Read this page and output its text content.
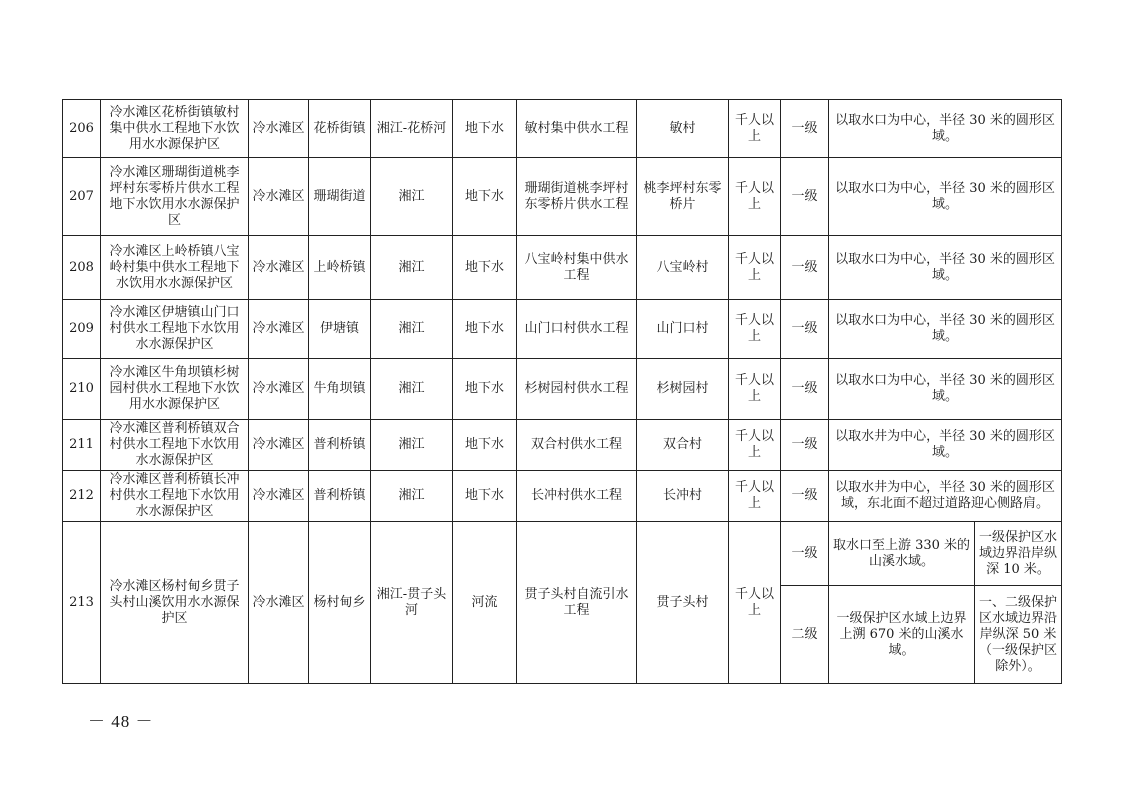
206	冷水滩区花桥街镇敏村集中供水工程地下水饮用水水源保护区	冷水滩区	花桥街镇	湘江-花桥河	地下水	敏村集中供水工程	敏村	千人以上	一级	以取水口为中心，半径 30 米的圆形区域。	
207	冷水滩区珊瑚街道桃李坪村东零桥片供水工程地下水饮用水水源保护区	冷水滩区	珊瑚街道	湘江	地下水	珊瑚街道桃李坪村东零桥片供水工程	桃李坪村东零桥片	千人以上	一级	以取水口为中心，半径 30 米的圆形区域。	
208	冷水滩区上岭桥镇八宝岭村集中供水工程地下水饮用水水源保护区	冷水滩区	上岭桥镇	湘江	地下水	八宝岭村集中供水工程	八宝岭村	千人以上	一级	以取水口为中心，半径 30 米的圆形区域。	
209	冷水滩区伊塘镇山门口村供水工程地下水饮用水水源保护区	冷水滩区	伊塘镇	湘江	地下水	山门口村供水工程	山门口村	千人以上	一级	以取水口为中心，半径 30 米的圆形区域。	
210	冷水滩区牛角坝镇杉树园村供水工程地下水饮用水水源保护区	冷水滩区	牛角坝镇	湘江	地下水	杉树园村供水工程	杉树园村	千人以上	一级	以取水口为中心，半径 30 米的圆形区域。	
211	冷水滩区普利桥镇双合村供水工程地下水饮用水水源保护区	冷水滩区	普利桥镇	湘江	地下水	双合村供水工程	双合村	千人以上	一级	以取水井为中心，半径 30 米的圆形区域。	
212	冷水滩区普利桥镇长冲村供水工程地下水饮用水水源保护区	冷水滩区	普利桥镇	湘江	地下水	长冲村供水工程	长冲村	千人以上	一级	以取水井为中心，半径 30 米的圆形区域，东北面不超过道路迎心侧路肩。	
213	冷水滩区杨村甸乡贯子头村山溪饮用水水源保护区	冷水滩区	杨村甸乡	湘江-贯子头河	河流	贯子头村自流引水工程	贯子头村	千人以上	一级	取水口至上游 330 米的山溪水域。	一级保护区水域边界沿岸纵深 10 米。
									二级	一级保护区水域上边界上溯 670 米的山溪水域。	一、二级保护区水域边界沿岸纵深 50 米（一级保护区除外）。
－ 48 －
